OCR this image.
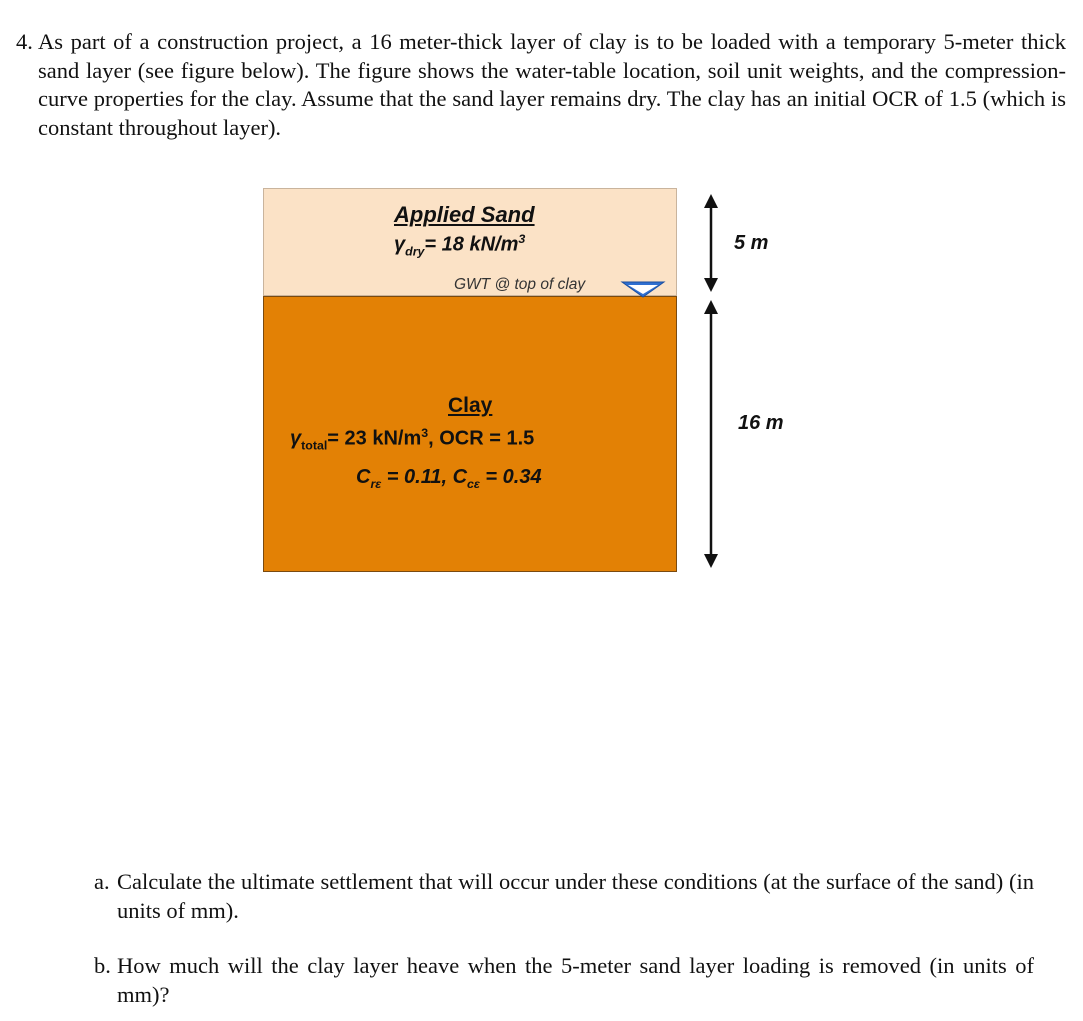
4. As part of a construction project, a 16 meter-thick layer of clay is to be loaded with a temporary 5-meter thick sand layer (see figure below). The figure shows the water-table location, soil unit weights, and the compression-curve properties for the clay. Assume that the sand layer remains dry. The clay has an initial OCR of 1.5 (which is constant throughout layer).
Applied Sand
$\gamma_{dry}= 18$ $kN/m^3$
GWT @ top of clay
Clay
$\gamma_{total}= 23$ $kN/m^3$, OCR = 1.5
$C_{r\varepsilon} = 0.11$, $C_{c\varepsilon} = 0.34$
5 m
16 m
a. Calculate the ultimate settlement that will occur under these conditions (at the surface of the sand) (in units of mm).
b. How much will the clay layer heave when the 5-meter sand layer loading is removed (in units of mm)?
